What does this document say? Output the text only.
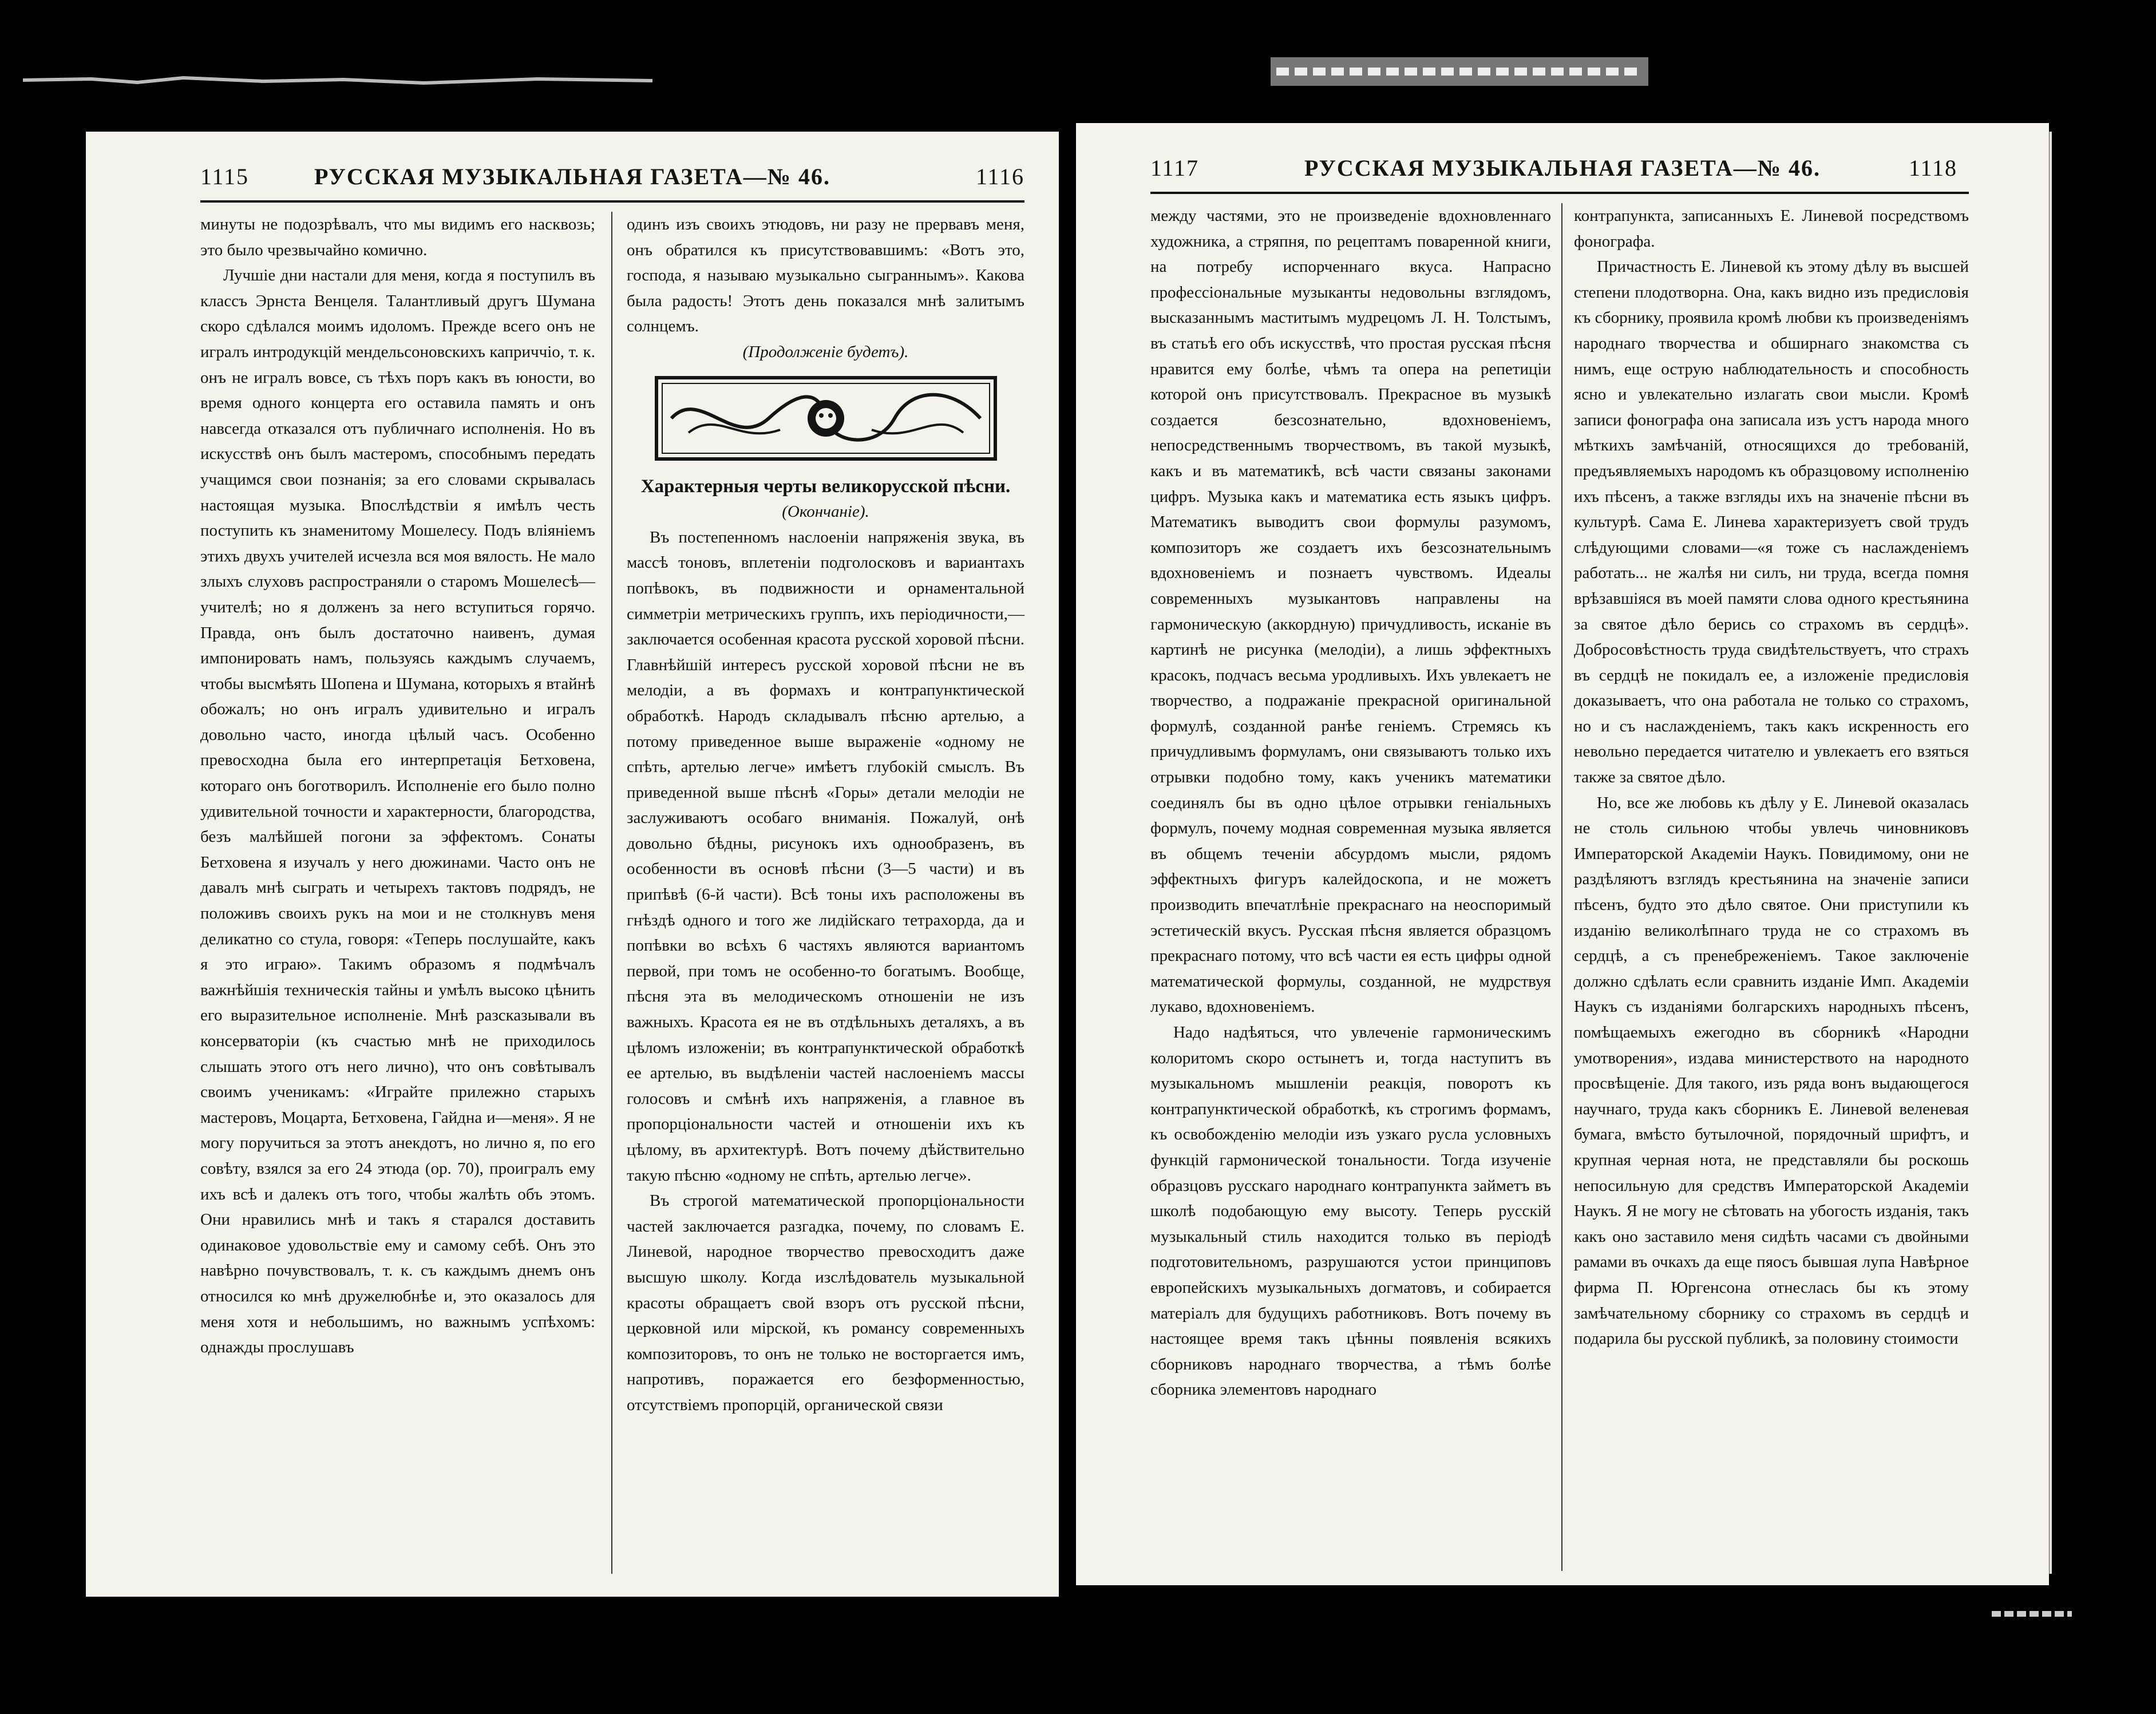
1115	РУССКАЯ МУЗЫКАЛЬНАЯ ГАЗЕТА—№ 46.	1116

минуты не подозрѣвалъ, что мы видимъ его насквозь; это было чрезвычайно комично.

Лучшіе дни настали для меня, когда я поступилъ въ классъ Эрнста Венцеля. Талантливый другъ Шумана скоро сдѣлался моимъ идоломъ. Прежде всего онъ не игралъ интродукцій мендельсоновскихъ каприччіо, т. к. онъ не игралъ вовсе, съ тѣхъ поръ какъ въ юности, во время одного концерта его оставила память и онъ навсегда отказался отъ публичнаго исполненія. Но въ искусствѣ онъ былъ мастеромъ, способнымъ передать учащимся свои познанія; за его словами скрывалась настоящая музыка. Впослѣдствіи я имѣлъ честь поступить къ знаменитому Мошелесу. Подъ вліяніемъ этихъ двухъ учителей исчезла вся моя вялость. Не мало злыхъ слуховъ распространяли о старомъ Мошелесѣ—учителѣ; но я долженъ за него вступиться горячо. Правда, онъ былъ достаточно наивенъ, думая импонировать намъ, пользуясь каждымъ случаемъ, чтобы высмѣять Шопена и Шумана, которыхъ я втайнѣ обожалъ; но онъ игралъ удивительно и игралъ довольно часто, иногда цѣлый часъ. Особенно превосходна была его интерпретація Бетховена, котораго онъ боготворилъ. Исполненіе его было полно удивительной точности и характерности, благородства, безъ малѣйшей погони за эффектомъ. Сонаты Бетховена я изучалъ у него дюжинами. Часто онъ не давалъ мнѣ сыграть и четырехъ тактовъ подрядъ, не положивъ своихъ рукъ на мои и не столкнувъ меня деликатно со стула, говоря: «Теперь послушайте, какъ я это играю». Такимъ образомъ я подмѣчалъ важнѣйшія техническія тайны и умѣлъ высоко цѣнить его выразительное исполненіе. Мнѣ разсказывали въ консерваторіи (къ счастью мнѣ не приходилось слышать этого отъ него лично), что онъ совѣтывалъ своимъ ученикамъ: «Играйте прилежно старыхъ мастеровъ, Моцарта, Бетховена, Гайдна и—меня». Я не могу поручиться за этотъ анекдотъ, но лично я, по его совѣту, взялся за его 24 этюда (op. 70), проигралъ ему ихъ всѣ и далекъ отъ того, чтобы жалѣть объ этомъ. Они нравились мнѣ и такъ я старался доставить одинаковое удовольствіе ему и самому себѣ. Онъ это навѣрно почувствовалъ, т. к. съ каждымъ днемъ онъ относился ко мнѣ дружелюбнѣе и, это оказалось для меня хотя и небольшимъ, но важнымъ успѣхомъ: однажды прослушавъ

одинъ изъ своихъ этюдовъ, ни разу не прервавъ меня, онъ обратился къ присутствовавшимъ: «Вотъ это, господа, я называю музыкально сыграннымъ». Какова была радость! Этотъ день показался мнѣ залитымъ солнцемъ.

(Продолженіе будетъ).

Характерныя черты великорусской пѣсни.

(Окончаніе).

Въ постепенномъ наслоеніи напряженія звука, въ массѣ тоновъ, вплетеніи подголосковъ и вариантахъ попѣвокъ, въ подвижности и орнаментальной симметріи метрическихъ группъ, ихъ періодичности,—заключается особенная красота русской хоровой пѣсни. Главнѣйшій интересъ русской хоровой пѣсни не въ мелодіи, а въ формахъ и контрапунктической обработкѣ. Народъ складывалъ пѣсню артелью, а потому приведенное выше выраженіе «одному не спѣть, артелью легче» имѣетъ глубокій смыслъ. Въ приведенной выше пѣснѣ «Горы» детали мелодіи не заслуживаютъ особаго вниманія. Пожалуй, онѣ довольно бѣдны, рисунокъ ихъ однообразенъ, въ особенности въ основѣ пѣсни (3—5 части) и въ припѣвѣ (6-й части). Всѣ тоны ихъ расположены въ гнѣздѣ одного и того же лидійскаго тетрахорда, да и попѣвки во всѣхъ 6 частяхъ являются вариантомъ первой, при томъ не особенно-то богатымъ. Вообще, пѣсня эта въ мелодическомъ отношеніи не изъ важныхъ. Красота ея не въ отдѣльныхъ деталяхъ, а въ цѣломъ изложеніи; въ контрапунктической обработкѣ ее артелью, въ выдѣленіи частей наслоеніемъ массы голосовъ и смѣнѣ ихъ напряженія, а главное въ пропорціональности частей и отношеніи ихъ къ цѣлому, въ архитектурѣ. Вотъ почему дѣйствительно такую пѣсню «одному не спѣть, артелью легче».

Въ строгой математической пропорціональности частей заключается разгадка, почему, по словамъ Е. Линевой, народное творчество превосходитъ даже высшую школу. Когда изслѣдователь музыкальной красоты обращаетъ свой взоръ отъ русской пѣсни, церковной или мірской, къ романсу современныхъ композиторовъ, то онъ не только не восторгается имъ, напротивъ, поражается его безформенностью, отсутствіемъ пропорцій, органической связи

1117	РУССКАЯ МУЗЫКАЛЬНАЯ ГАЗЕТА—№ 46.	1118

между частями, это не произведеніе вдохновленнаго художника, а стряпня, по рецептамъ поваренной книги, на потребу испорченнаго вкуса. Напрасно профессіональные музыканты недовольны взглядомъ, высказаннымъ маститымъ мудрецомъ Л. Н. Толстымъ, въ статьѣ его объ искусствѣ, что простая русская пѣсня нравится ему болѣе, чѣмъ та опера на репетиціи которой онъ присутствовалъ. Прекрасное въ музыкѣ создается безсознательно, вдохновеніемъ, непосредственнымъ творчествомъ, въ такой музыкѣ, какъ и въ математикѣ, всѣ части связаны законами цифръ. Музыка какъ и математика есть языкъ цифръ. Математикъ выводитъ свои формулы разумомъ, композиторъ же создаетъ ихъ безсознательнымъ вдохновеніемъ и познаетъ чувствомъ. Идеалы современныхъ музыкантовъ направлены на гармоническую (аккордную) причудливость, исканіе въ картинѣ не рисунка (мелодіи), а лишь эффектныхъ красокъ, подчасъ весьма уродливыхъ. Ихъ увлекаетъ не творчество, а подражаніе прекрасной оригинальной формулѣ, созданной ранѣе геніемъ. Стремясь къ причудливымъ формуламъ, они связываютъ только ихъ отрывки подобно тому, какъ ученикъ математики соединялъ бы въ одно цѣлое отрывки геніальныхъ формулъ, почему модная современная музыка является въ общемъ теченіи абсурдомъ мысли, рядомъ эффектныхъ фигуръ калейдоскопа, и не можетъ производить впечатлѣніе прекраснаго на неоспоримый эстетическій вкусъ. Русская пѣсня является образцомъ прекраснаго потому, что всѣ части ея есть цифры одной математической формулы, созданной, не мудрствуя лукаво, вдохновеніемъ.

Надо надѣяться, что увлеченіе гармоническимъ колоритомъ скоро остынетъ и, тогда наступитъ въ музыкальномъ мышленіи реакція, поворотъ къ контрапунктической обработкѣ, къ строгимъ формамъ, къ освобожденію мелодіи изъ узкаго русла условныхъ функцій гармонической тональности. Тогда изученіе образцовъ русскаго народнаго контрапункта займетъ въ школѣ подобающую ему высоту. Теперь русскій музыкальный стиль находится только въ періодѣ подготовительномъ, разрушаются устои принциповъ европейскихъ музыкальныхъ догматовъ, и собирается матеріалъ для будущихъ работниковъ. Вотъ почему въ настоящее время такъ цѣнны появленія всякихъ сборниковъ народнаго творчества, а тѣмъ болѣе сборника элементовъ народнаго

контрапункта, записанныхъ Е. Линевой посредствомъ фонографа.

Причастность Е. Линевой къ этому дѣлу въ высшей степени плодотворна. Она, какъ видно изъ предисловія къ сборнику, проявила кромѣ любви къ произведеніямъ народнаго творчества и обширнаго знакомства съ нимъ, еще острую наблюдательность и способность ясно и увлекательно излагать свои мысли. Кромѣ записи фонографа она записала изъ устъ народа много мѣткихъ замѣчаній, относящихся до требованій, предъявляемыхъ народомъ къ образцовому исполненію ихъ пѣсенъ, а также взгляды ихъ на значеніе пѣсни въ культурѣ. Сама Е. Линева характеризуетъ свой трудъ слѣдующими словами—«я тоже съ наслажденіемъ работать... не жалѣя ни силъ, ни труда, всегда помня врѣзавшіяся въ моей памяти слова одного крестьянина за святое дѣло берись со страхомъ въ сердцѣ». Добросовѣстность труда свидѣтельствуетъ, что страхъ въ сердцѣ не покидалъ ее, а изложеніе предисловія доказываетъ, что она работала не только со страхомъ, но и съ наслажденіемъ, такъ какъ искренность его невольно передается читателю и увлекаетъ его взяться также за святое дѣло.

Но, все же любовь къ дѣлу у Е. Линевой оказалась не столь сильною чтобы увлечь чиновниковъ Императорской Академіи Наукъ. Повидимому, они не раздѣляютъ взглядъ крестьянина на значеніе записи пѣсенъ, будто это дѣло святое. Они приступили къ изданію великолѣпнаго труда не со страхомъ въ сердцѣ, а съ пренебреженіемъ. Такое заключеніе должно сдѣлать если сравнить изданіе Имп. Академіи Наукъ съ изданіями болгарскихъ народныхъ пѣсенъ, помѣщаемыхъ ежегодно въ сборникѣ «Народни умотворения», издава министерството на народното просвѣщеніе. Для такого, изъ ряда вонъ выдающегося научнаго, труда какъ сборникъ Е. Линевой веленевая бумага, вмѣсто бутылочной, порядочный шрифтъ, и крупная черная нота, не представляли бы роскошь непосильную для средствъ Императорской Академіи Наукъ. Я не могу не сѣтовать на убогость изданія, такъ какъ оно заставило меня сидѣть часами съ двойными рамами въ очкахъ да еще пяосъ бывшая лупа Навѣрное фирма П. Юргенсона отнеслась бы къ этому замѣчательному сборнику со страхомъ въ сердцѣ и подарила бы русской публикѣ, за половину стоимости
